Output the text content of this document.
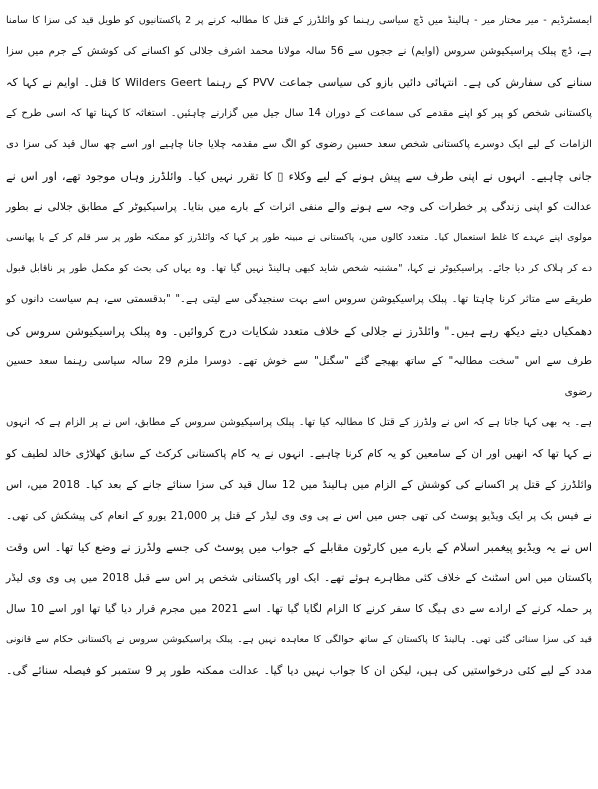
ایمسٹرڈیم - میر مختار میر - ہالینڈ میں ڈچ سیاسی رہنما کو وائلڈرز کے قتل کا مطالبہ کرنے پر 2 پاکستانیوں کو طویل قید کی سزا کا سامنا

ہے، ڈچ پبلک پراسیکیوشن سروس (اوایم) نے ججوں سے 56 سالہ مولانا محمد اشرف جلالی کو اکسانے کی کوشش کے جرم میں سزا

سنانے کی سفارش کی ہے۔ انتہائی دائیں بازو کی سیاسی جماعت PVV کے رہنما Wilders Geert کا قتل۔ اوایم نے کہا کہ

پاکستانی شخص کو پیر کو اپنے مقدمے کی سماعت کے دوران 14 سال جیل میں گزارنے چاہئیں۔ استغاثہ کا کہنا تھا کہ اسی طرح کے

الزامات کے لیے ایک دوسرے پاکستانی شخص سعد حسین رضوی کو الگ سے مقدمہ چلایا جانا چاہیے اور اسے چھ سال قید کی سزا دی

جانی چاہیے۔ انہوں نے اپنی طرف سے پیش ہونے کے لیے وکلاء ▯ کا تقرر نہیں کیا۔ وائلڈرز وہاں موجود تھے، اور اس نے

عدالت کو اپنی زندگی پر خطرات کی وجہ سے ہونے والے منفی اثرات کے بارے میں بتایا۔ پراسیکیوٹر کے مطابق جلالی نے بطور

مولوی اپنے عہدے کا غلط استعمال کیا۔ متعدد کالوں میں، پاکستانی نے مبینہ طور پر کہا کہ وائلڈرز کو ممکنہ طور پر سر قلم کر کے یا پھانسی

دے کر ہلاک کر دیا جائے۔ پراسیکیوٹر نے کہا، "مشتبہ شخص شاید کبھی ہالینڈ نہیں گیا تھا۔ وہ یہاں کی بحث کو مکمل طور پر ناقابل قبول

طریقے سے متاثر کرنا چاہتا تھا۔ پبلک پراسیکیوشن سروس اسے بہت سنجیدگی سے لیتی ہے۔" "بدقسمتی سے، ہم سیاست دانوں کو

دھمکیاں دیتے دیکھ رہے ہیں۔" وائلڈرز نے جلالی کے خلاف متعدد شکایات درج کروائیں۔ وہ پبلک پراسیکیوشن سروس کی

طرف سے اس "سخت مطالبہ" کے ساتھ بھیجے گئے "سگنل" سے خوش تھے۔ دوسرا ملزم 29 سالہ سیاسی رہنما سعد حسین رضوی

ہے۔ یہ بھی کہا جاتا ہے کہ اس نے ولڈرز کے قتل کا مطالبہ کیا تھا۔ پبلک پراسیکیوشن سروس کے مطابق، اس نے پر الزام ہے کہ انہوں

نے کہا تھا کہ انھیں اور ان کے سامعین کو یہ کام کرنا چاہیے۔ انہوں نے یہ کام پاکستانی کرکٹ کے سابق کھلاڑی خالد لطیف کو

وائلڈرز کے قتل پر اکسانے کی کوشش کے الزام میں ہالینڈ میں 12 سال قید کی سزا سنائے جانے کے بعد کیا۔ 2018 میں، اس

نے فیس بک پر ایک ویڈیو پوسٹ کی تھی جس میں اس نے پی وی وی لیڈر کے قتل پر 21,000 یورو کے انعام کی پیشکش کی تھی۔

اس نے یہ ویڈیو پیغمبر اسلام کے بارے میں کارٹون مقابلے کے جواب میں پوسٹ کی جسے ولڈرز نے وضع کیا تھا۔ اس وقت

پاکستان میں اس اسٹنٹ کے خلاف کئی مظاہرے ہوئے تھے۔ ایک اور پاکستانی شخص پر اس سے قبل 2018 میں پی وی وی لیڈر

پر حملہ کرنے کے ارادے سے دی ہیگ کا سفر کرنے کا الزام لگایا گیا تھا۔ اسے 2021 میں مجرم قرار دیا گیا تھا اور اسے 10 سال

قید کی سزا سنائی گئی تھی۔ ہالینڈ کا پاکستان کے ساتھ حوالگی کا معاہدہ نہیں ہے۔ پبلک پراسیکیوشن سروس نے پاکستانی حکام سے قانونی

مدد کے لیے کئی درخواستیں کی ہیں، لیکن ان کا جواب نہیں دیا گیا۔ عدالت ممکنہ طور پر 9 ستمبر کو فیصلہ سنائے گی۔
